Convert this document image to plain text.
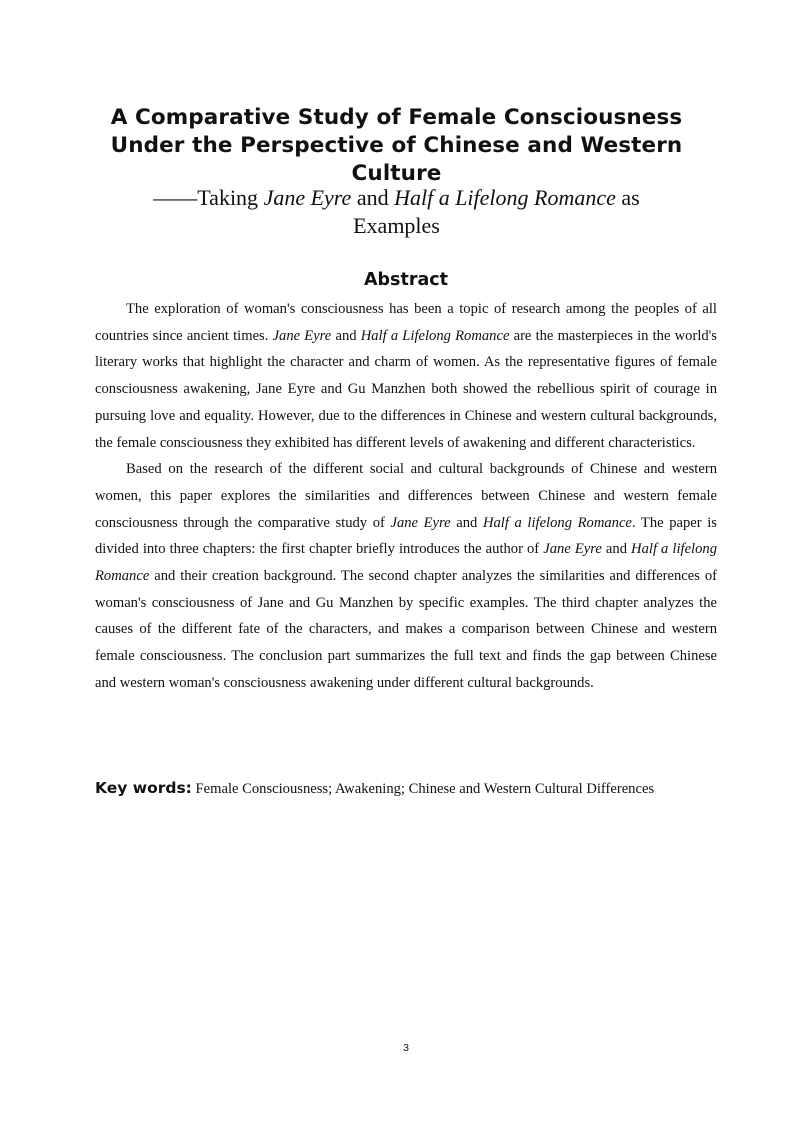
A Comparative Study of Female Consciousness
Under the Perspective of Chinese and Western
Culture
——Taking Jane Eyre and Half a Lifelong Romance as
Examples
Abstract

The exploration of woman's consciousness has been a topic of research among the peoples of all countries since ancient times. Jane Eyre and Half a Lifelong Romance are the masterpieces in the world's literary works that highlight the character and charm of women. As the representative figures of female consciousness awakening, Jane Eyre and Gu Manzhen both showed the rebellious spirit of courage in pursuing love and equality. However, due to the differences in Chinese and western cultural backgrounds, the female consciousness they exhibited has different levels of awakening and different characteristics.

Based on the research of the different social and cultural backgrounds of Chinese and western women, this paper explores the similarities and differences between Chinese and western female consciousness through the comparative study of Jane Eyre and Half a lifelong Romance. The paper is divided into three chapters: the first chapter briefly introduces the author of Jane Eyre and Half a lifelong Romance and their creation background. The second chapter analyzes the similarities and differences of woman's consciousness of Jane and Gu Manzhen by specific examples. The third chapter analyzes the causes of the different fate of the characters, and makes a comparison between Chinese and western female consciousness. The conclusion part summarizes the full text and finds the gap between Chinese and western woman's consciousness awakening under different cultural backgrounds.

Key words: Female Consciousness; Awakening; Chinese and Western Cultural Differences
3
